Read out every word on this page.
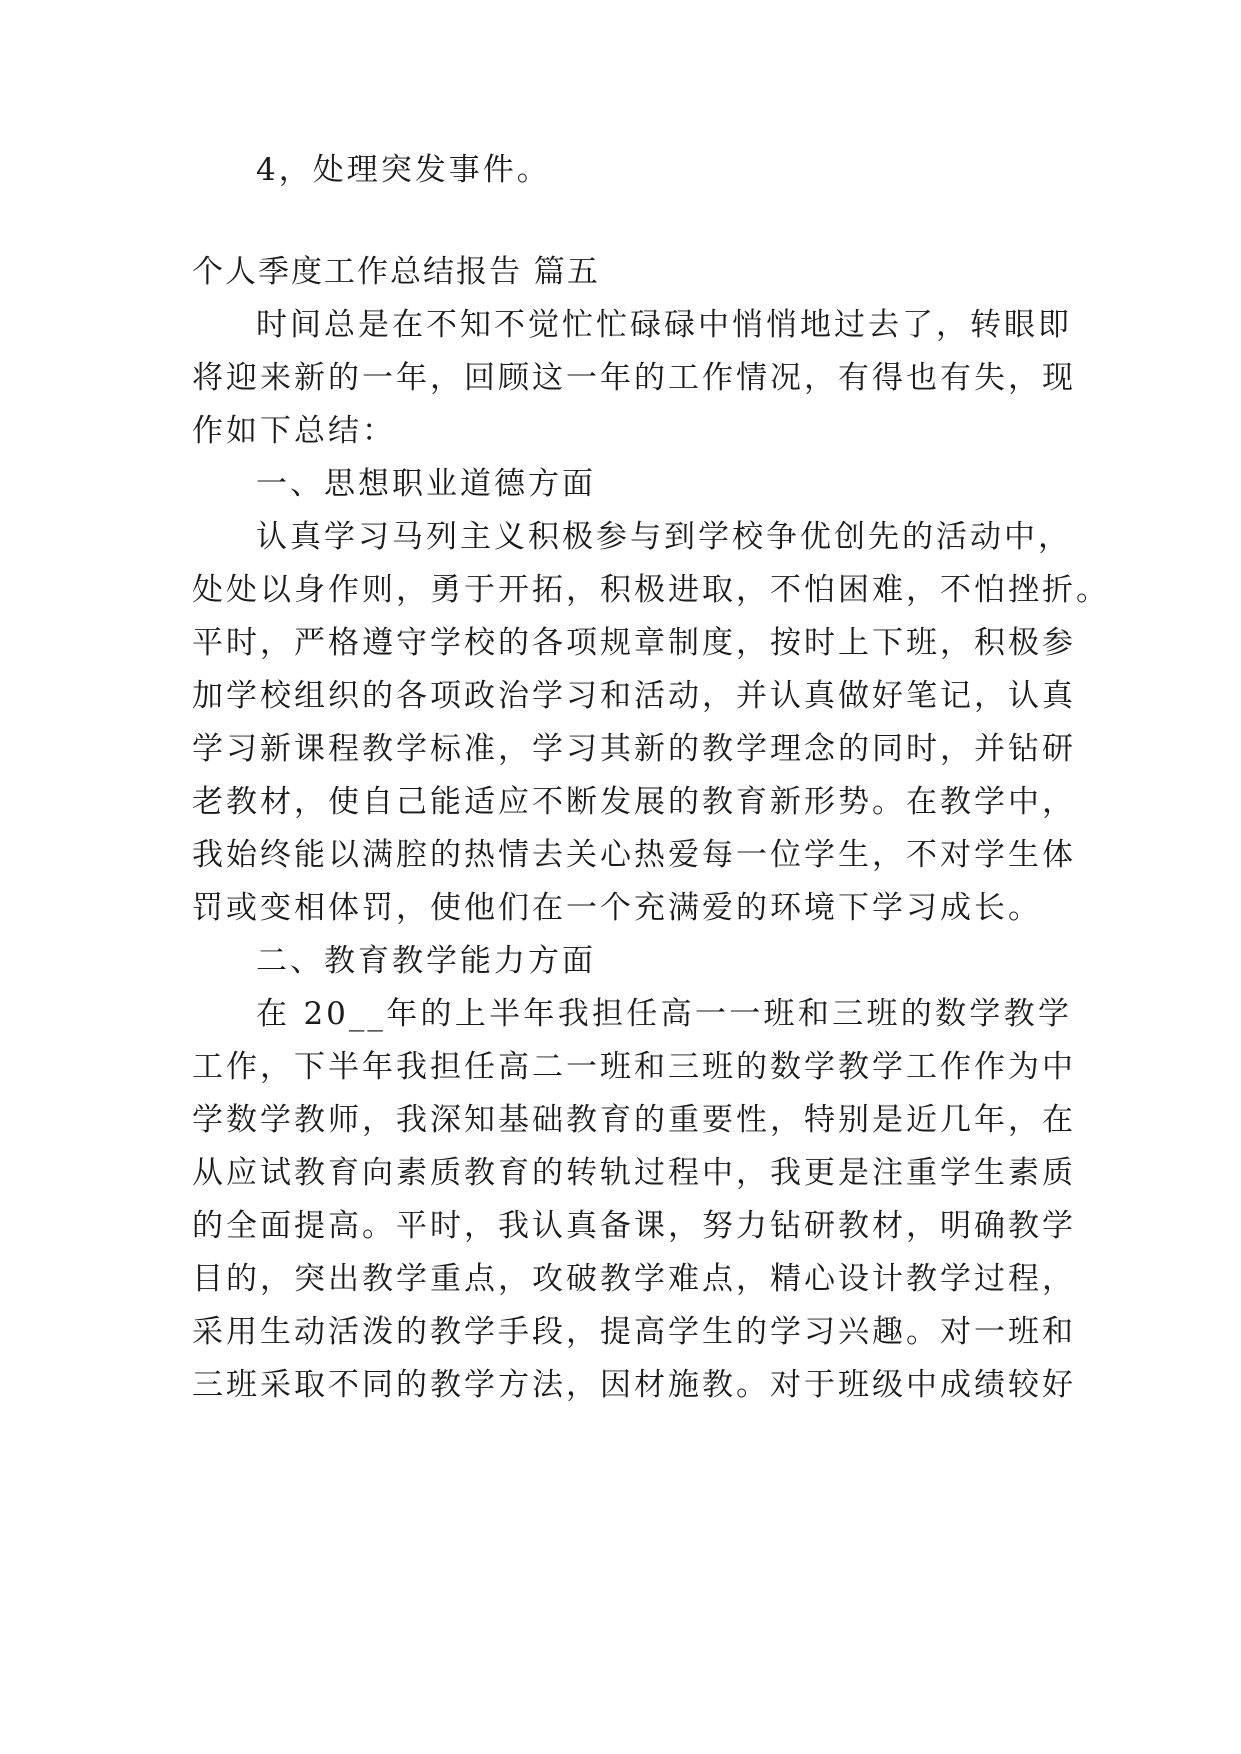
4，处理突发事件。
个人季度工作总结报告 篇五
时间总是在不知不觉忙忙碌碌中悄悄地过去了，转眼即
将迎来新的一年，回顾这一年的工作情况，有得也有失，现
作如下总结：
一、思想职业道德方面
认真学习马列主义积极参与到学校争优创先的活动中，
处处以身作则，勇于开拓，积极进取，不怕困难，不怕挫折。
平时，严格遵守学校的各项规章制度，按时上下班，积极参
加学校组织的各项政治学习和活动，并认真做好笔记，认真
学习新课程教学标准，学习其新的教学理念的同时，并钻研
老教材，使自己能适应不断发展的教育新形势。在教学中，
我始终能以满腔的热情去关心热爱每一位学生，不对学生体
罚或变相体罚，使他们在一个充满爱的环境下学习成长。
二、教育教学能力方面
在 20__年的上半年我担任高一一班和三班的数学教学
工作，下半年我担任高二一班和三班的数学教学工作作为中
学数学教师，我深知基础教育的重要性，特别是近几年，在
从应试教育向素质教育的转轨过程中，我更是注重学生素质
的全面提高。平时，我认真备课，努力钻研教材，明确教学
目的，突出教学重点，攻破教学难点，精心设计教学过程，
采用生动活泼的教学手段，提高学生的学习兴趣。对一班和
三班采取不同的教学方法，因材施教。对于班级中成绩较好
